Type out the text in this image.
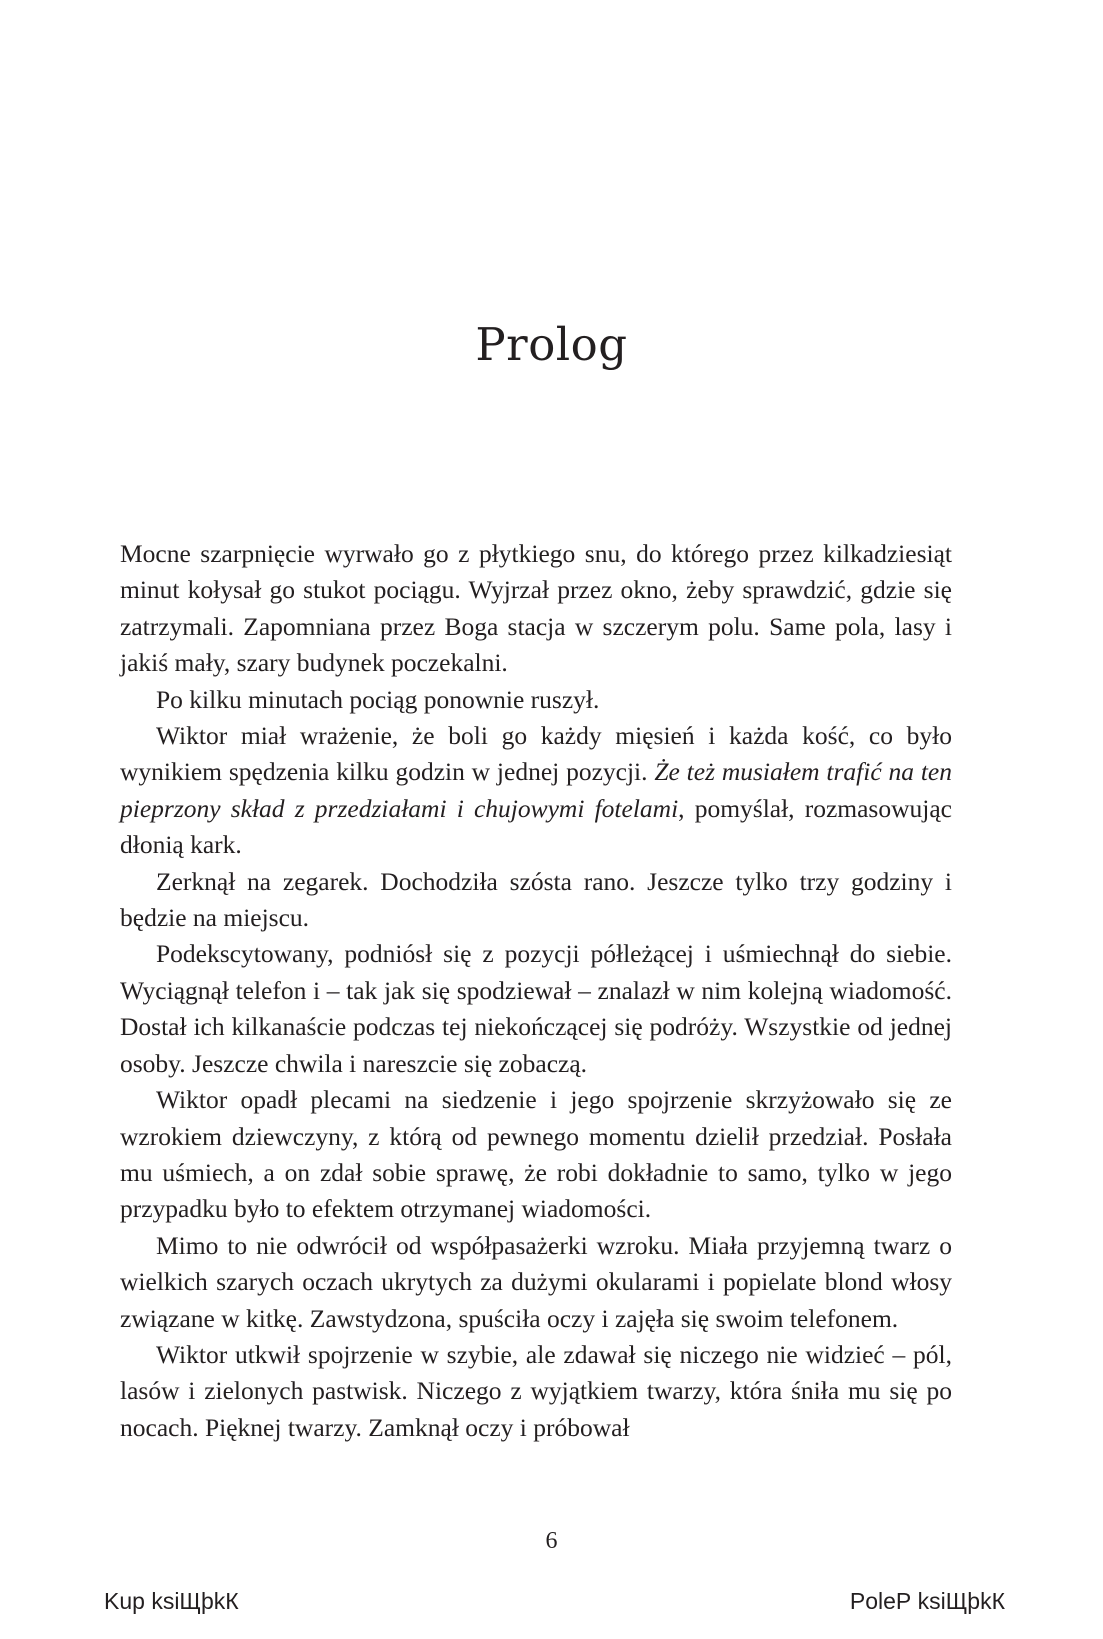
Prolog

Mocne szarpnięcie wyrwało go z płytkiego snu, do którego przez kilkadziesiąt minut kołysał go stukot pociągu. Wyjrzał przez okno, żeby sprawdzić, gdzie się zatrzymali. Zapomniana przez Boga stacja w szczerym polu. Same pola, lasy i jakiś mały, szary budynek poczekalni.

Po kilku minutach pociąg ponownie ruszył.

Wiktor miał wrażenie, że boli go każdy mięsień i każda kość, co było wynikiem spędzenia kilku godzin w jednej pozycji. Że też musiałem trafić na ten pieprzony skład z przedziałami i chujowymi fotelami, pomyślał, rozmasowując dłonią kark.

Zerknął na zegarek. Dochodziła szósta rano. Jeszcze tylko trzy godziny i będzie na miejscu.

Podekscytowany, podniósł się z pozycji półleżącej i uśmiechnął do siebie. Wyciągnął telefon i – tak jak się spodziewał – znalazł w nim kolejną wiadomość. Dostał ich kilkanaście podczas tej niekończącej się podróży. Wszystkie od jednej osoby. Jeszcze chwila i nareszcie się zobaczą.

Wiktor opadł plecami na siedzenie i jego spojrzenie skrzyżowało się ze wzrokiem dziewczyny, z którą od pewnego momentu dzielił przedział. Posłała mu uśmiech, a on zdał sobie sprawę, że robi dokładnie to samo, tylko w jego przypadku było to efektem otrzymanej wiadomości.

Mimo to nie odwrócił od współpasażerki wzroku. Miała przyjemną twarz o wielkich szarych oczach ukrytych za dużymi okularami i popielate blond włosy związane w kitkę. Zawstydzona, spuściła oczy i zajęła się swoim telefonem.

Wiktor utkwił spojrzenie w szybie, ale zdawał się niczego nie widzieć – pól, lasów i zielonych pastwisk. Niczego z wyjątkiem twarzy, która śniła mu się po nocach. Pięknej twarzy. Zamknął oczy i próbował

6
Kup ksiЩϸkК	PoleР ksiЩϸkК
